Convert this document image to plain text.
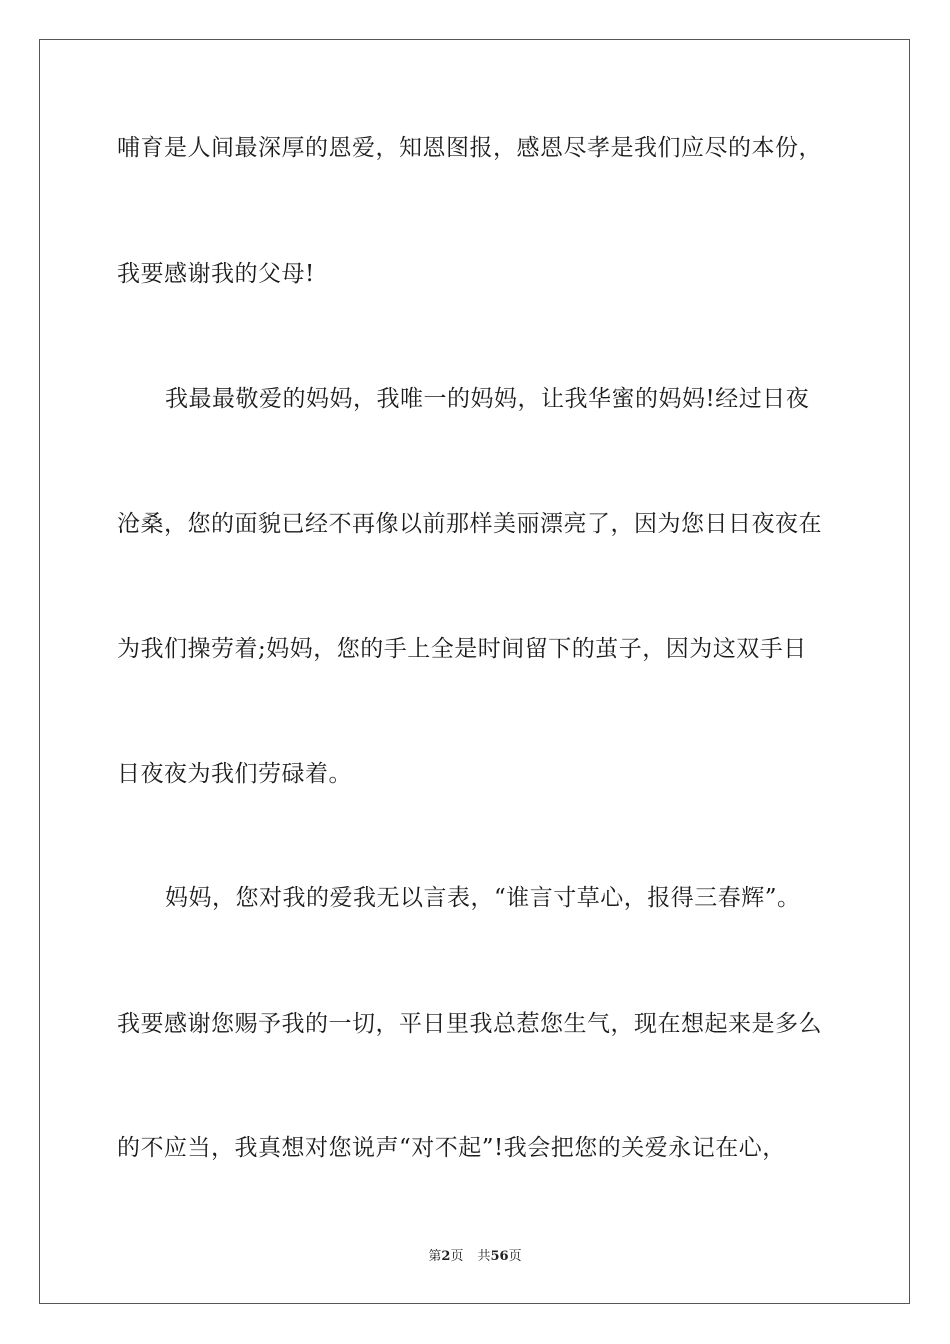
哺育是人间最深厚的恩爱，知恩图报，感恩尽孝是我们应尽的本份，
我要感谢我的父母!
我最最敬爱的妈妈，我唯一的妈妈，让我华蜜的妈妈!经过日夜
沧桑，您的面貌已经不再像以前那样美丽漂亮了，因为您日日夜夜在
为我们操劳着;妈妈，您的手上全是时间留下的茧子，因为这双手日
日夜夜为我们劳碌着。
妈妈，您对我的爱我无以言表，“谁言寸草心，报得三春辉”。
我要感谢您赐予我的一切，平日里我总惹您生气，现在想起来是多么
的不应当，我真想对您说声“对不起”!我会把您的关爱永记在心，
第2页 共56页
